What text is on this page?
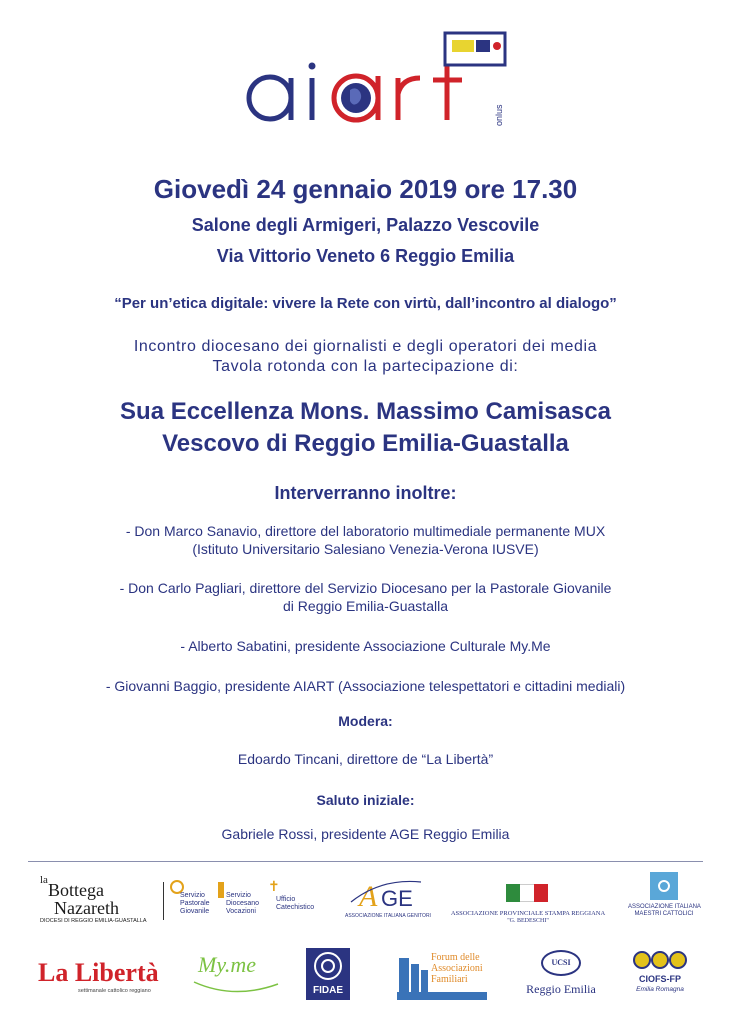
onlus
Giovedì 24 gennaio 2019 ore 17.30
Salone degli Armigeri, Palazzo Vescovile
Via Vittorio Veneto 6 Reggio Emilia
“Per un’etica digitale: vivere la Rete con virtù, dall’incontro al dialogo”
Incontro diocesano dei giornalisti e degli operatori dei media
Tavola rotonda con la partecipazione di:
Sua Eccellenza Mons. Massimo Camisasca
Vescovo di Reggio Emilia-Guastalla
Interverranno inoltre:
- Don Marco Sanavio, direttore del laboratorio multimediale permanente MUX
(Istituto Universitario Salesiano Venezia-Verona IUSVE)
- Don Carlo Pagliari, direttore del Servizio Diocesano per la Pastorale Giovanile
di Reggio Emilia-Guastalla
- Alberto Sabatini, presidente Associazione Culturale My.Me
- Giovanni Baggio, presidente AIART (Associazione telespettatori e cittadini mediali)
Modera:
Edoardo Tincani, direttore de “La Libertà”
Saluto iniziale:
Gabriele Rossi, presidente AGE Reggio Emilia
la Bottega
Nazareth
DIOCESI DI REGGIO EMILIA-GUASTALLA
Servizio
Pastorale
Giovanile
Servizio
Diocesano
Vocazioni
✝
Ufficio
Catechistico A GE
ASSOCIAZIONE ITALIANA GENITORI	ASSOCIAZIONE PROVINCIALE STAMPA REGGIANA
"G. BEDESCHI"
ASSOCIAZIONE ITALIANA
MAESTRI CATTOLICI
La Libertà
settimanale cattolico reggiano
My.me
FIDAE
Forum delle
Associazioni
Familiari
UCSI
Reggio Emilia
CIOFS-FP
Emilia Romagna
